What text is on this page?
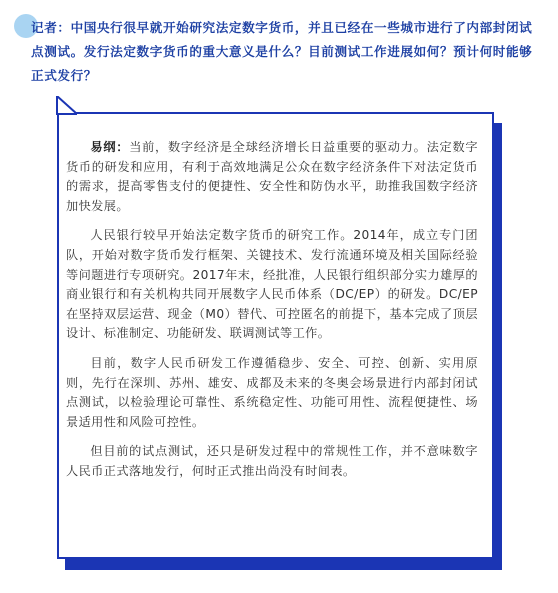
记者：中国央行很早就开始研究法定数字货币，并且已经在一些城市进行了内部封闭试点测试。发行法定数字货币的重大意义是什么？目前测试工作进展如何？预计何时能够正式发行？

易纲：当前，数字经济是全球经济增长日益重要的驱动力。法定数字货币的研发和应用，有利于高效地满足公众在数字经济条件下对法定货币的需求，提高零售支付的便捷性、安全性和防伪水平，助推我国数字经济加快发展。

人民银行较早开始法定数字货币的研究工作。2014年，成立专门团队，开始对数字货币发行框架、关键技术、发行流通环境及相关国际经验等问题进行专项研究。2017年末，经批准，人民银行组织部分实力雄厚的商业银行和有关机构共同开展数字人民币体系（DC/EP）的研发。DC/EP在坚持双层运营、现金（M0）替代、可控匿名的前提下，基本完成了顶层设计、标准制定、功能研发、联调测试等工作。

目前，数字人民币研发工作遵循稳步、安全、可控、创新、实用原则，先行在深圳、苏州、雄安、成都及未来的冬奥会场景进行内部封闭试点测试，以检验理论可靠性、系统稳定性、功能可用性、流程便捷性、场景适用性和风险可控性。

但目前的试点测试，还只是研发过程中的常规性工作，并不意味数字人民币正式落地发行，何时正式推出尚没有时间表。
